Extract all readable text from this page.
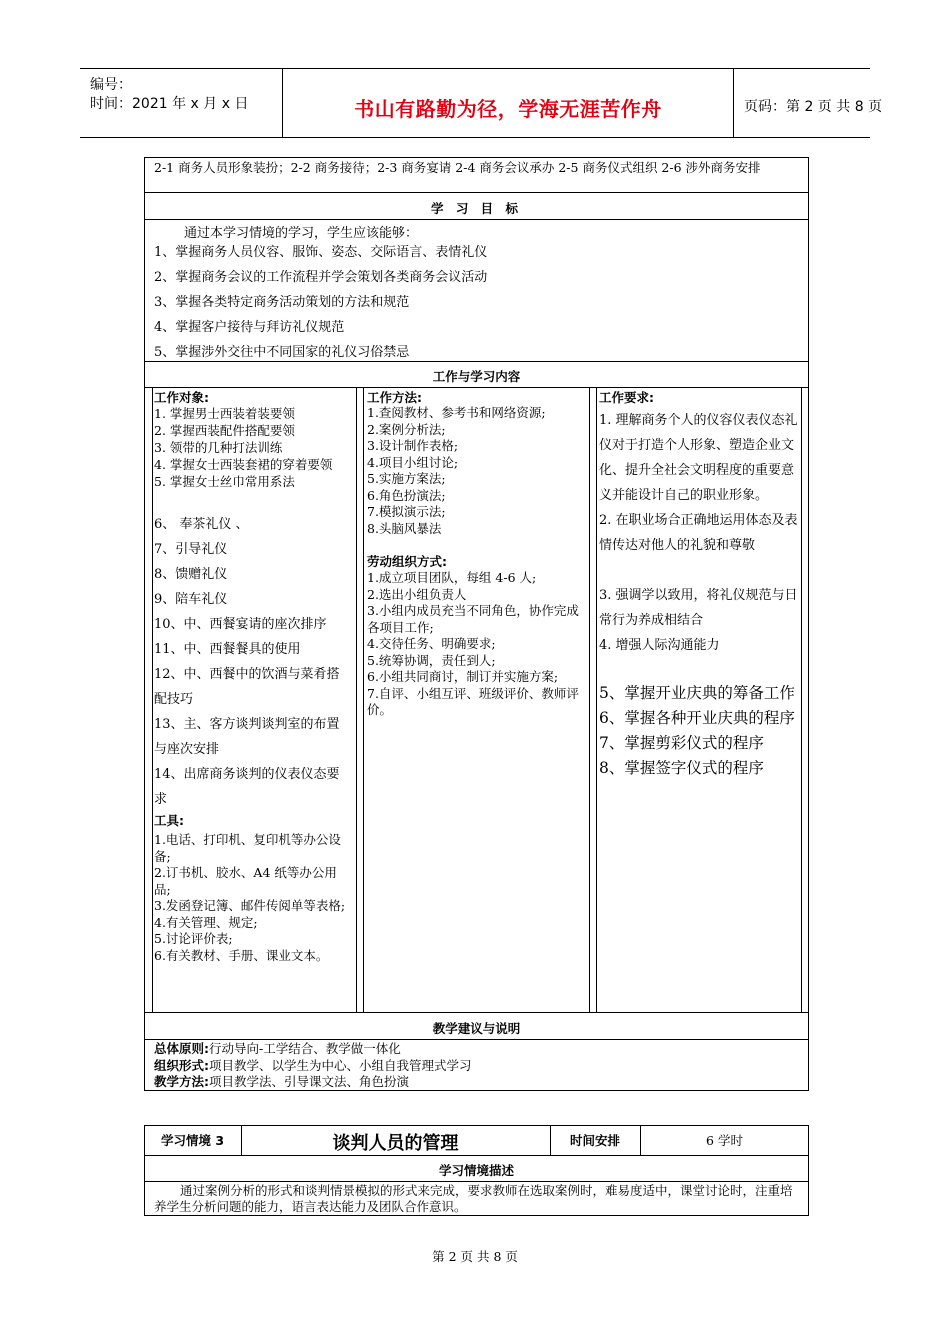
编号：
时间：2021 年 x 月 x 日	书山有路勤为径，学海无涯苦作舟	页码：第 2 页 共 8 页
2-1 商务人员形象装扮；2-2 商务接待；2-3 商务宴请 2-4 商务会议承办 2-5 商务仪式组织 2-6 涉外商务安排
学 习 目 标
通过本学习情境的学习，学生应该能够：
1、掌握商务人员仪容、服饰、姿态、交际语言、表情礼仪
2、掌握商务会议的工作流程并学会策划各类商务会议活动
3、掌握各类特定商务活动策划的方法和规范
4、掌握客户接待与拜访礼仪规范
5、掌握涉外交往中不同国家的礼仪习俗禁忌
工作与学习内容
工作对象:
1. 掌握男士西装着装要领
2. 掌握西装配件搭配要领
3. 领带的几种打法训练
4. 掌握女士西装套裙的穿着要领
5. 掌握女士丝巾常用系法
6、 奉茶礼仪 、
7、引导礼仪
8、馈赠礼仪
9、陪车礼仪
10、中、西餐宴请的座次排序
11、中、西餐餐具的使用
12、中、西餐中的饮酒与菜肴搭配技巧
13、主、客方谈判谈判室的布置与座次安排
14、出席商务谈判的仪表仪态要求
工具:
1.电话、打印机、复印机等办公设备;
2.订书机、胶水、A4 纸等办公用品;
3.发函登记簿、邮件传阅单等表格;
4.有关管理、规定;
5.讨论评价表;
6.有关教材、手册、课业文本。
工作方法:
1.查阅教材、参考书和网络资源;
2.案例分析法;
3.设计制作表格;
4.项目小组讨论;
5.实施方案法;
6.角色扮演法;
7.模拟演示法;
8.头脑风暴法
劳动组织方式:
1.成立项目团队，每组 4-6 人;
2.选出小组负责人
3.小组内成员充当不同角色，协作完成各项目工作;
4.交待任务、明确要求;
5.统筹协调，责任到人;
6.小组共同商讨，制订并实施方案;
7.自评、小组互评、班级评价、教师评价。
工作要求:
1. 理解商务个人的仪容仪表仪态礼仪对于打造个人形象、塑造企业文化、提升全社会文明程度的重要意义并能设计自己的职业形象。
2. 在职业场合正确地运用体态及表情传达对他人的礼貌和尊敬
3. 强调学以致用，将礼仪规范与日常行为养成相结合
4. 增强人际沟通能力
5、掌握开业庆典的筹备工作
6、掌握各种开业庆典的程序
7、掌握剪彩仪式的程序
8、掌握签字仪式的程序
教学建议与说明
总体原则:行动导向-工学结合、教学做一体化
组织形式:项目教学、以学生为中心、小组自我管理式学习
教学方法:项目教学法、引导课文法、角色扮演
学习情境 3	谈判人员的管理	时间安排	6 学时
学习情境描述
通过案例分析的形式和谈判情景模拟的形式来完成，要求教师在选取案例时，难易度适中，课堂讨论时，注重培养学生分析问题的能力，语言表达能力及团队合作意识。
第 2 页 共 8 页
